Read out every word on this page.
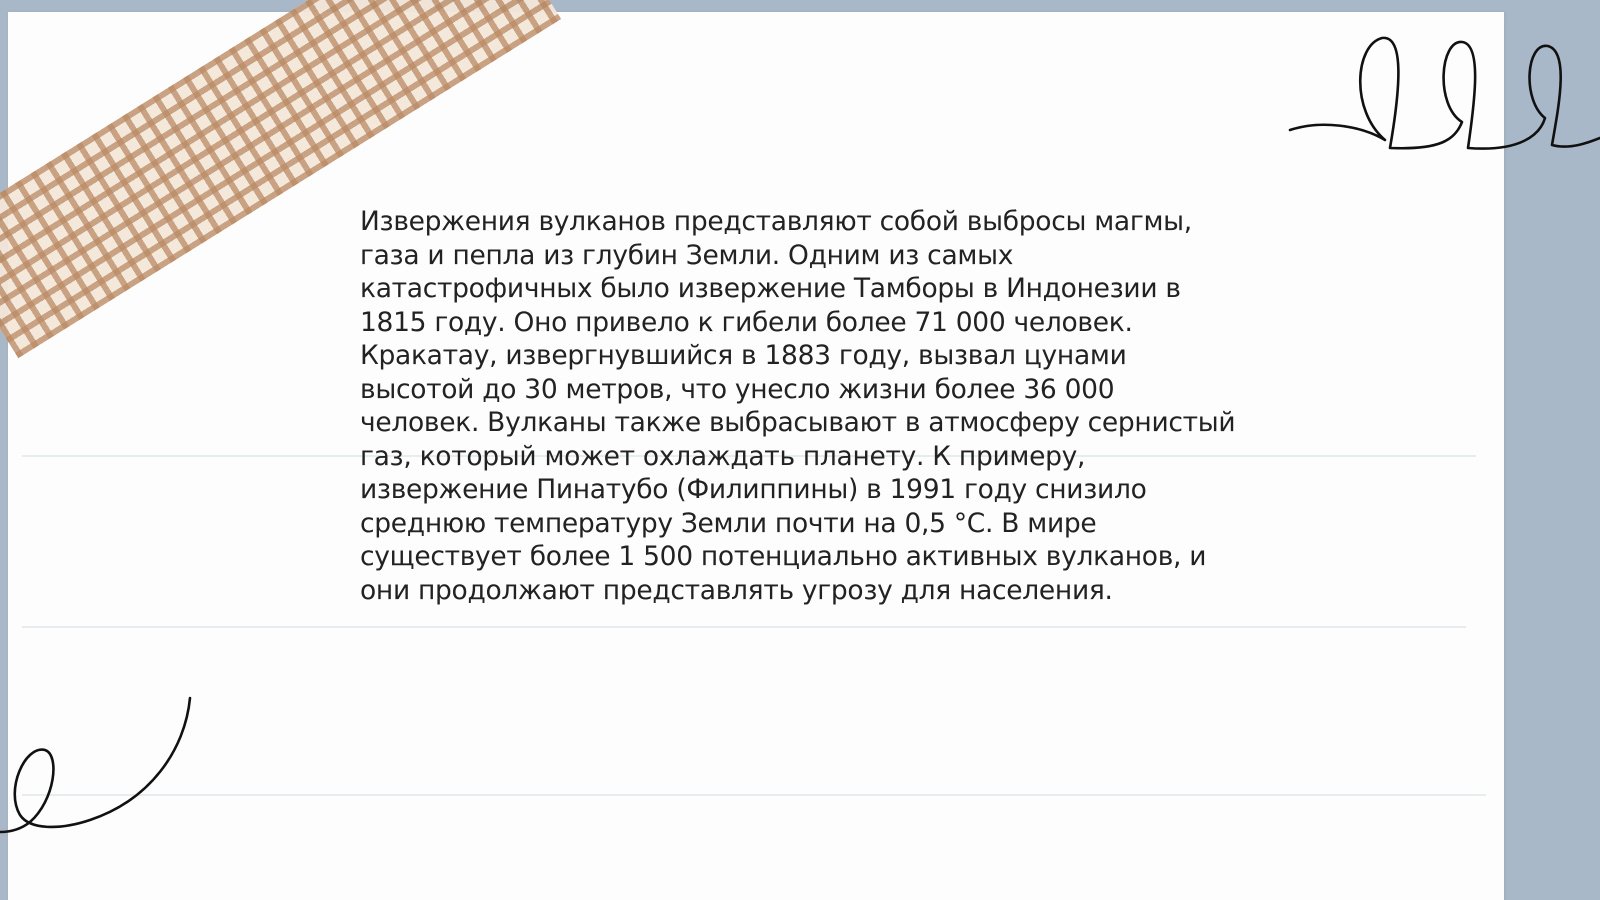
Извержения вулканов представляют собой выбросы магмы, газа и пепла из глубин Земли. Одним из самых катастрофичных было извержение Тамборы в Индонезии в 1815 году. Оно привело к гибели более 71 000 человек. Кракатау, извергнувшийся в 1883 году, вызвал цунами высотой до 30 метров, что унесло жизни более 36 000 человек. Вулканы также выбрасывают в атмосферу сернистый газ, который может охлаждать планету. К примеру, извержение Пинатубо (Филиппины) в 1991 году снизило среднюю температуру Земли почти на 0,5 °С. В мире существует более 1 500 потенциально активных вулканов, и они продолжают представлять угрозу для населения.
